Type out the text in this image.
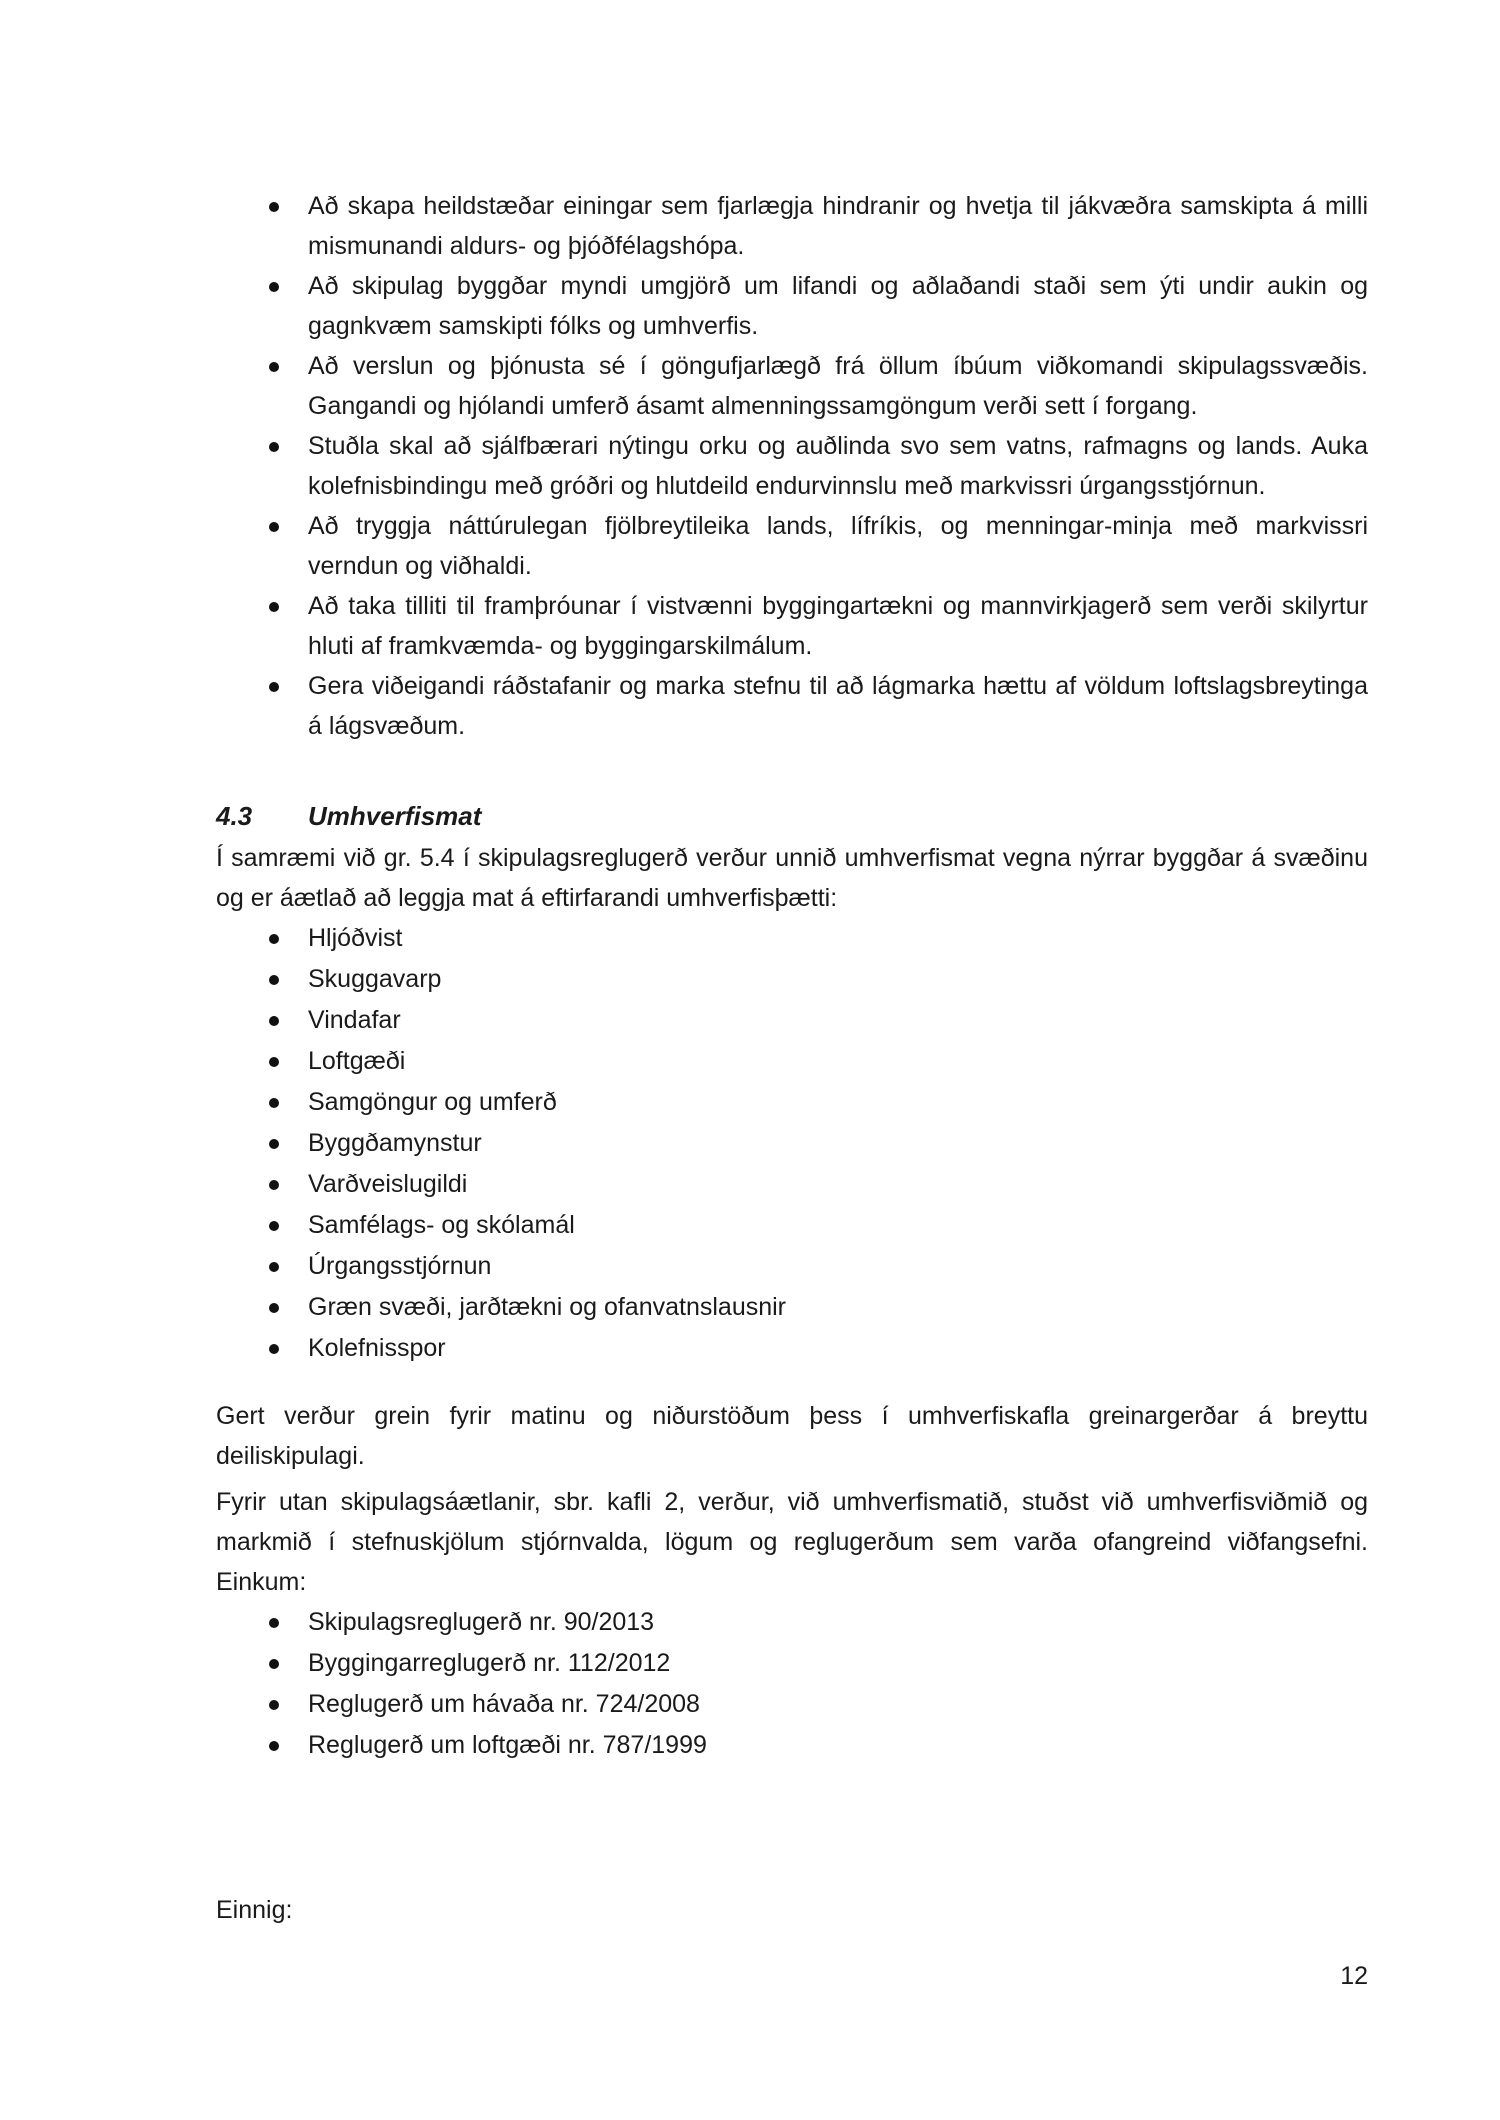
Að skapa heildstæðar einingar sem fjarlægja hindranir og hvetja til jákvæðra samskipta á milli mismunandi aldurs- og þjóðfélagshópa.
Að skipulag byggðar myndi umgjörð um lifandi og aðlaðandi staði sem ýti undir aukin og gagnkvæm samskipti fólks og umhverfis.
Að verslun og þjónusta sé í göngufjarlægð frá öllum íbúum viðkomandi skipulagssvæðis. Gangandi og hjólandi umferð ásamt almenningssamgöngum verði sett í forgang.
Stuðla skal að sjálfbærari nýtingu orku og auðlinda svo sem vatns, rafmagns og lands. Auka kolefnisbindingu með gróðri og hlutdeild endurvinnslu með markvissri úrgangsstjórnun.
Að tryggja náttúrulegan fjölbreytileika lands, lífríkis, og menningar-minja með markvissri verndun og viðhaldi.
Að taka tilliti til framþróunar í vistvænni byggingartækni og mannvirkjagerð sem verði skilyrtur hluti af framkvæmda- og byggingarskilmálum.
Gera viðeigandi ráðstafanir og marka stefnu til að lágmarka hættu af völdum loftslagsbreytinga á lágsvæðum.
4.3	Umhverfismat

Í samræmi við gr. 5.4 í skipulagsreglugerð verður unnið umhverfismat vegna nýrrar byggðar á svæðinu og er áætlað að leggja mat á eftirfarandi umhverfisþætti:

Hljóðvist
Skuggavarp
Vindafar
Loftgæði
Samgöngur og umferð
Byggðamynstur
Varðveislugildi
Samfélags- og skólamál
Úrgangsstjórnun
Græn svæði, jarðtækni og ofanvatnslausnir
Kolefnisspor

Gert verður grein fyrir matinu og niðurstöðum þess í umhverfiskafla greinargerðar á breyttu deiliskipulagi.

Fyrir utan skipulagsáætlanir, sbr. kafli 2, verður, við umhverfismatið, stuðst við umhverfisviðmið og markmið í stefnuskjölum stjórnvalda, lögum og reglugerðum sem varða ofangreind viðfangsefni. Einkum:

Skipulagsreglugerð nr. 90/2013
Byggingarreglugerð nr. 112/2012
Reglugerð um hávaða nr. 724/2008
Reglugerð um loftgæði nr. 787/1999
Einnig:
12
